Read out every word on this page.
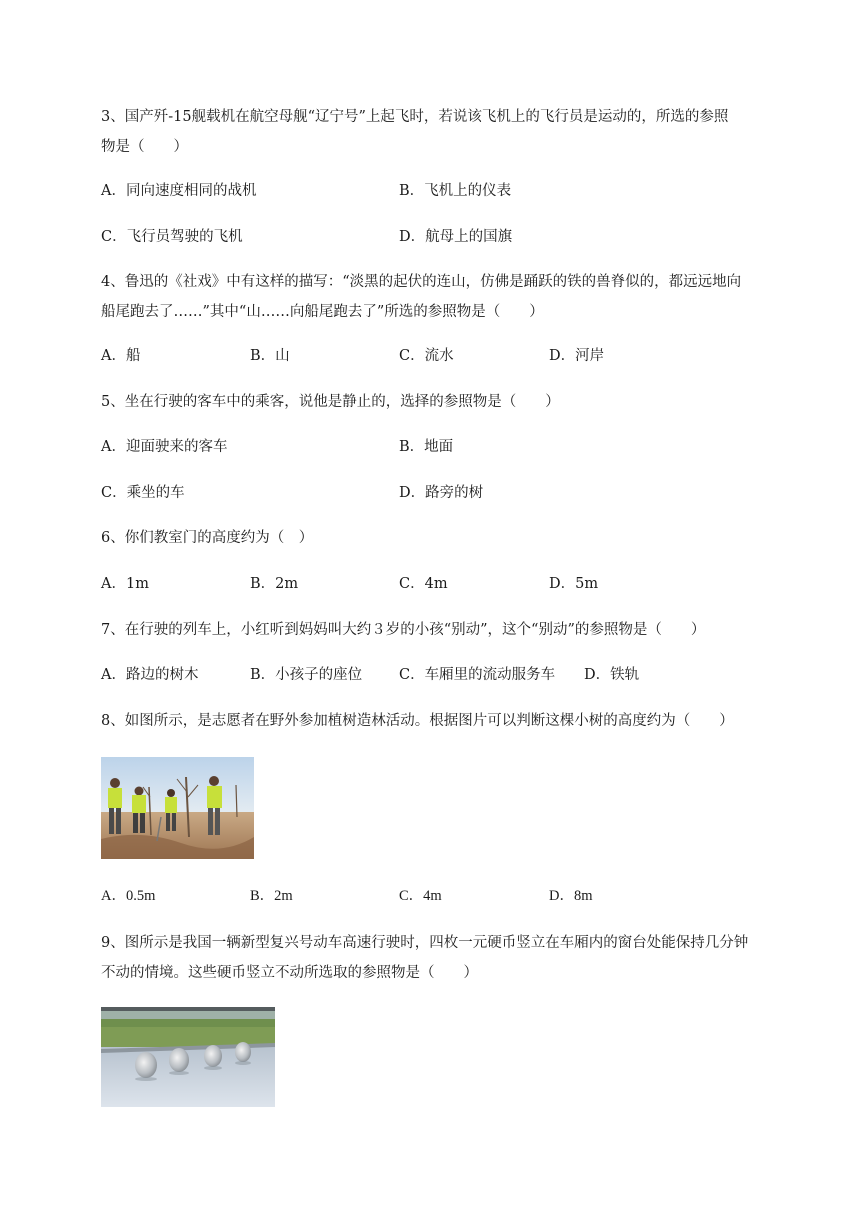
3、国产歼-15舰载机在航空母舰“辽宁号”上起飞时，若说该飞机上的飞行员是运动的，所选的参照
物是（　　）
A．同向速度相同的战机	B．飞机上的仪表
C．飞行员驾驶的飞机	D．航母上的国旗
4、鲁迅的《社戏》中有这样的描写：“淡黑的起伏的连山，仿佛是踊跃的铁的兽脊似的，都远远地向
船尾跑去了……”其中“山……向船尾跑去了”所选的参照物是（　　）
A．船	B．山	C．流水	D．河岸
5、坐在行驶的客车中的乘客，说他是静止的，选择的参照物是（　　）
A．迎面驶来的客车	B．地面
C．乘坐的车	D．路旁的树
6、你们教室门的高度约为（　）
A．1m	B．2m	C．4m	D．5m
7、在行驶的列车上，小红听到妈妈叫大约３岁的小孩“别动”，这个“别动”的参照物是（　　）
A．路边的树木	B．小孩子的座位	C．车厢里的流动服务车 D．铁轨
8、如图所示，是志愿者在野外参加植树造林活动。根据图片可以判断这棵小树的高度约为（　　）
A．0.5m	B．2m	C．4m	D．8m
9、图所示是我国一辆新型复兴号动车高速行驶时，四枚一元硬币竖立在车厢内的窗台处能保持几分钟
不动的情境。这些硬币竖立不动所选取的参照物是（　　）
